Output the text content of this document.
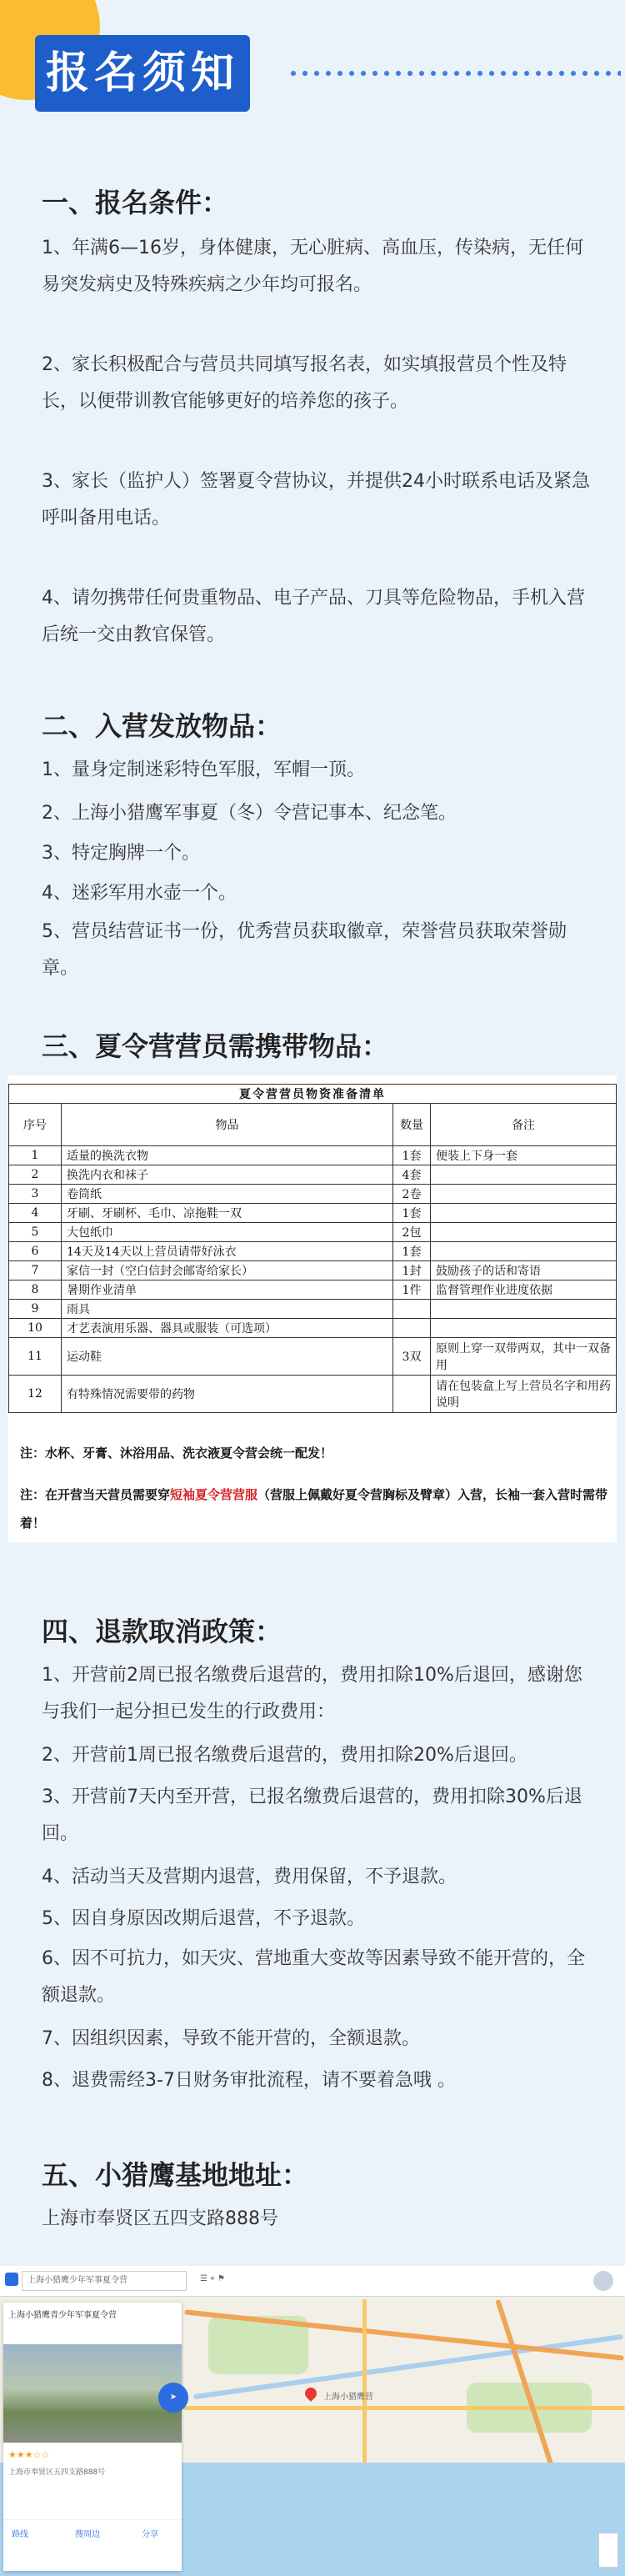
报名须知
一、报名条件：
1、年满6—16岁，身体健康，无心脏病、高血压，传染病，无任何易突发病史及特殊疾病之少年均可报名。
2、家长积极配合与营员共同填写报名表，如实填报营员个性及特长，以便带训教官能够更好的培养您的孩子。
3、家长（监护人）签署夏令营协议，并提供24小时联系电话及紧急呼叫备用电话。
4、请勿携带任何贵重物品、电子产品、刀具等危险物品，手机入营后统一交由教官保管。
二、入营发放物品：
1、量身定制迷彩特色军服，军帽一顶。
2、上海小猎鹰军事夏（冬）令营记事本、纪念笔。
3、特定胸牌一个。
4、迷彩军用水壶一个。
5、营员结营证书一份，优秀营员获取徽章，荣誉营员获取荣誉勋章。
三、夏令营营员需携带物品：
夏令营营员物资准备清单			
序号	物品	数量	备注
1	适量的换洗衣物	1套	便装上下身一套
2	换洗内衣和袜子	4套	
3	卷筒纸	2卷	
4	牙刷、牙刷杯、毛巾、凉拖鞋一双	1套	
5	大包纸巾	2包	
6	14天及14天以上营员请带好泳衣	1套	
7	家信一封（空白信封会邮寄给家长）	1封	鼓励孩子的话和寄语
8	暑期作业清单	1件	监督管理作业进度依据
9	雨具		
10	才艺表演用乐器、器具或服装（可选项）		
11	运动鞋	3双	原则上穿一双带两双，其中一双备用
12	有特殊情况需要带的药物		请在包装盒上写上营员名字和用药说明
注：水杯、牙膏、沐浴用品、洗衣液夏令营会统一配发！
注：在开营当天营员需要穿短袖夏令营营服（营服上佩戴好夏令营胸标及臂章）入营，长袖一套入营时需带着！
四、退款取消政策：
1、开营前2周已报名缴费后退营的，费用扣除10%后退回，感谢您与我们一起分担已发生的行政费用：
2、开营前1周已报名缴费后退营的，费用扣除20%后退回。
3、开营前7天内至开营，已报名缴费后退营的，费用扣除30%后退回。
4、活动当天及营期内退营，费用保留，不予退款。
5、因自身原因改期后退营，不予退款。
6、因不可抗力，如天灾、营地重大变故等因素导致不能开营的，全额退款。
7、因组织因素，导致不能开营的，全额退款。
8、退费需经3-7日财务审批流程，请不要着急哦 。
五、小猎鹰基地地址：
上海市奉贤区五四支路888号
上海小猎鹰营
上海小猎鹰少年军事夏令营	☰ ⌖ ⚑
上海小猎鹰青少年军事夏令营
★★★☆☆
上海市奉贤区五四支路888号
路线	搜周边	分享
➤
